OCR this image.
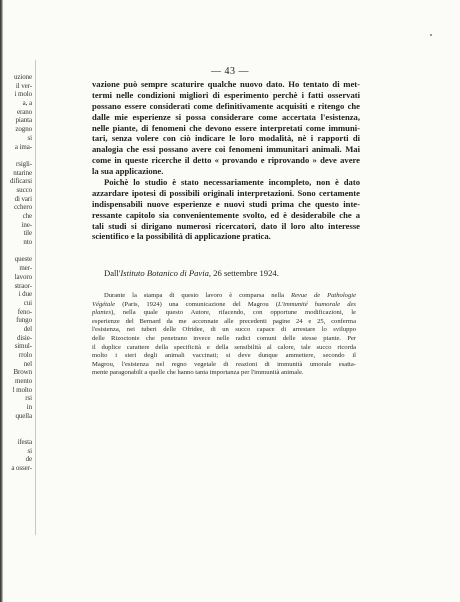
uzione
il ver-
i molo
a, a
erano
pianta
zogno
si
a ima-
rsigli-
ntarine
dificarsi
succo
di vari
cchero
che
ine-
tile
nto
queste
mer-
lavoro
straor-
i due
cui
feno-
fungo
del
disie-
simul-
rrolo
nel
Brown
mento
l molto
rsi
in
quella
ifesta
si
de
a osser-
— 43 —
vazione può sempre scaturire qualche nuovo dato. Ho tentato di met-
termi nelle condizioni migliori di esperimento perchè i fatti osservati
possano essere considerati come definitivamente acquisiti e ritengo che
dalle mie esperienze si possa considerare come accertata l'esistenza,
nelle piante, di fenomeni che devono essere interpretati come immuni-
tari, senza volere con ciò indicare le loro modalità, nè i rapporti di
analogia che essi possano avere coi fenomeni immunitari animali. Mai
come in queste ricerche il detto « provando e riprovando » deve avere
la sua applicazione.
Poichè lo studio è stato necessariamente incompleto, non è dato
azzardare ipotesi di possibili originali interpretazioni. Sono certamente
indispensabili nuove esperienze e nuovi studi prima che questo inte-
ressante capitolo sia convenientemente svolto, ed è desiderabile che a
tali studi si dirigano numerosi ricercatori, dato il loro alto interesse
scientifico e la possibilità di applicazione pratica.
Dall'Istituto Botanico di Pavia, 26 settembre 1924.
Durante la stampa di questo lavoro è comparsa nella Revue de Pathologie
Végétale (Paris, 1924) una comunicazione del Magrou (L'immunité humorale des
plantes), nella quale questo Autore, rifacendo, con opportune modificazioni, le
esperienze del Bernard da me accennate alle precedenti pagine 24 e 25, conferma
l'esistenza, nei tuberi delle Ofridee, di un succo capace di arrestare lo sviluppo
delle Rizoctonie che penetrano invece nelle radici comuni delle stesse piante. Per
il duplice carattere della specificità e della sensibilità al calore, tale succo ricorda
molto i sieri degli animali vaccinati; si deve dunque ammettere, secondo il
Magrou, l'esistenza nel regno vegetale di reazioni di immunità umorale esatta-
mente paragonabili a quelle che hanno tanta importanza per l'immunità animale.
